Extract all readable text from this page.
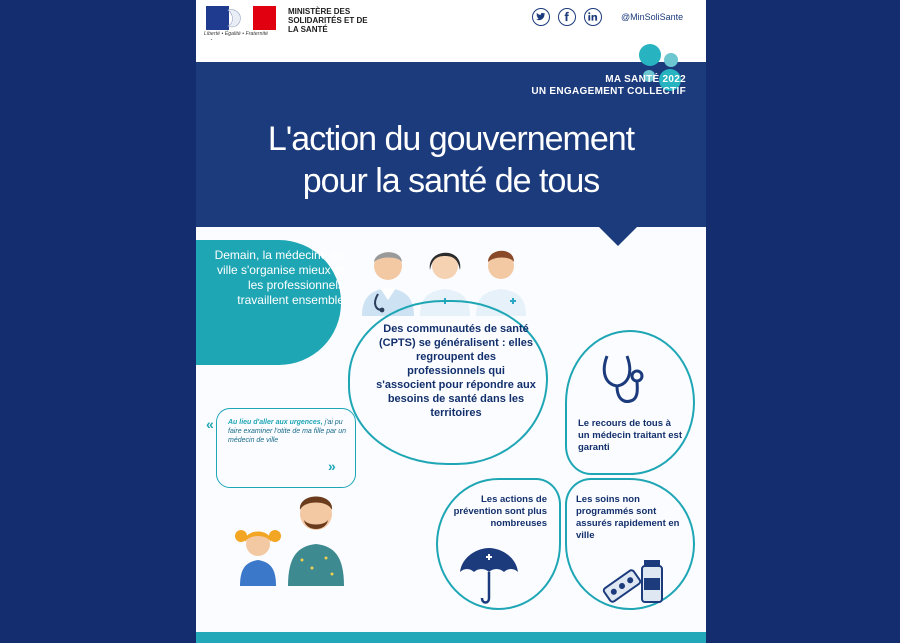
Liberté • Égalité • Fraternité
MINISTÈRE DES SOLIDARITÉS ET DE LA SANTÉ
@MinSoliSante
MA SANTÉ 2022
UN ENGAGEMENT COLLECTIF
L'action du gouvernement
pour la santé de tous
Demain, la médecine de ville s'organise mieux et les professionnels travaillent ensemble
Des communautés de santé (CPTS) se généralisent : elles regroupent des professionnels qui s'associent pour répondre aux besoins de santé dans les territoires
Le recours de tous à un médecin traitant est garanti
« Au lieu d'aller aux urgences, j'ai pu faire examiner l'otite de ma fille par un médecin de ville
»
Les actions de prévention sont plus nombreuses
Les soins non programmés sont assurés rapidement en ville
